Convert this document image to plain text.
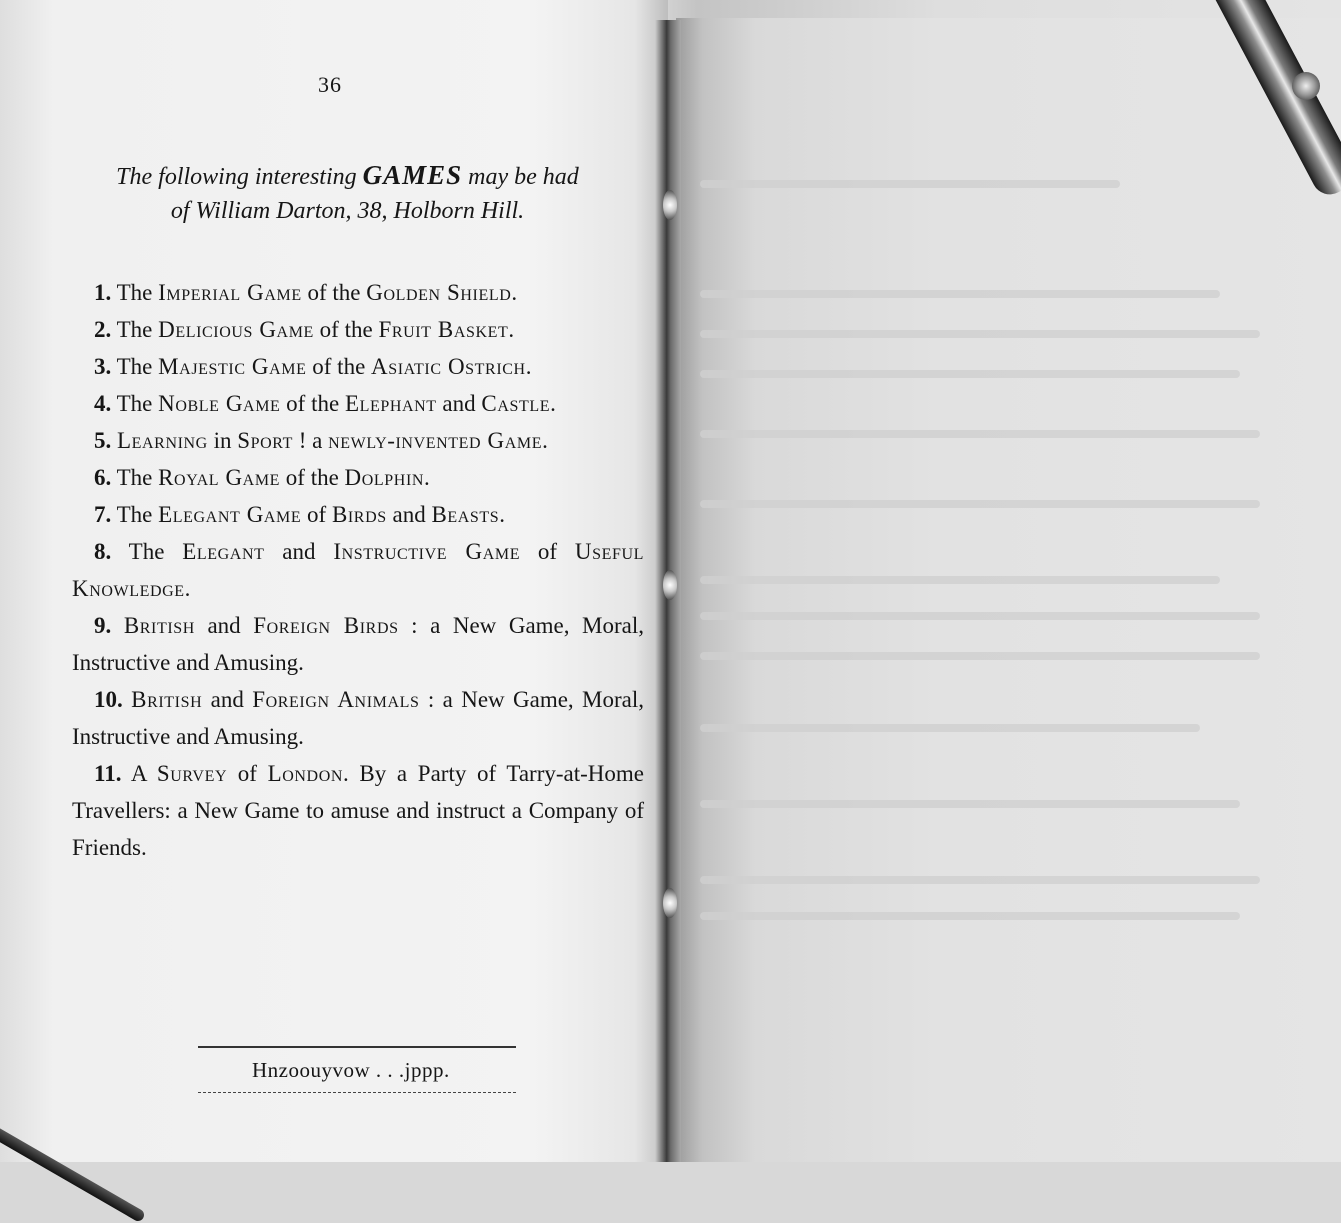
36
The following interesting GAMES may be had
of William Darton, 38, Holborn Hill.

1. The Imperial Game of the Golden Shield.

2. The Delicious Game of the Fruit Basket.

3. The Majestic Game of the Asiatic Ostrich.

4. The Noble Game of the Elephant and Castle.

5. Learning in Sport ! a newly-invented Game.

6. The Royal Game of the Dolphin.

7. The Elegant Game of Birds and Beasts.

8. The Elegant and Instructive Game of Useful Knowledge.

9. British and Foreign Birds : a New Game, Moral, Instructive and Amusing.

10. British and Foreign Animals : a New Game, Moral, Instructive and Amusing.

11. A Survey of London. By a Party of Tarry-at-Home Travellers: a New Game to amuse and instruct a Company of Friends.

Hnzoouyvow . . .jppp.
